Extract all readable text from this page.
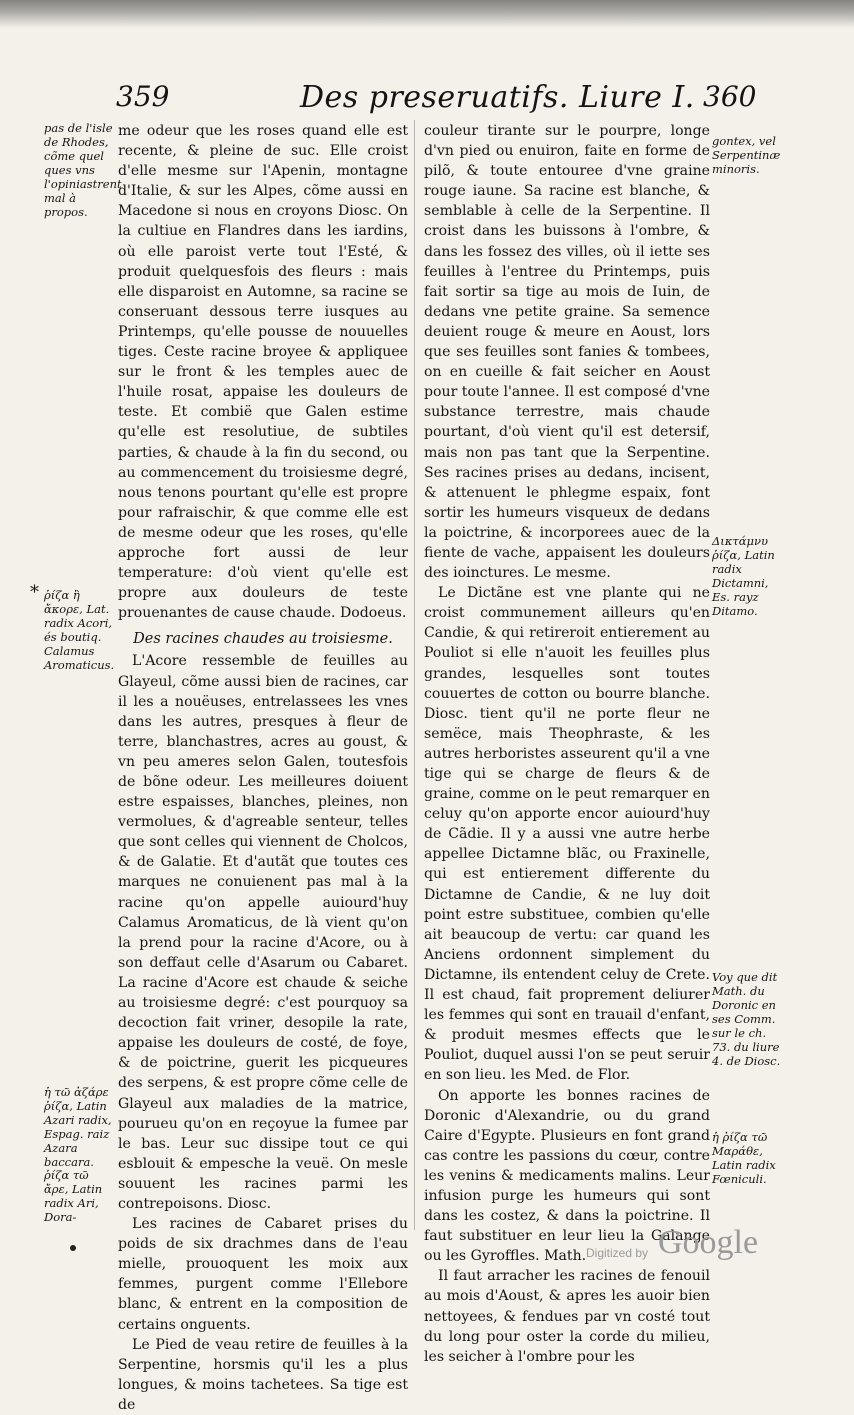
359	Des preseruatifs. Liure I. 360

me odeur que les roses quand elle est recente, & pleine de suc. Elle croist d'elle mesme sur l'Apenin, montagne d'Italie, & sur les Alpes, cõme aussi en Macedone si nous en croyons Diosc. On la cultiue en Flandres dans les iardins, où elle paroist verte tout l'Esté, & produit quelquesfois des fleurs : mais elle disparoist en Automne, sa racine se conseruant dessous terre iusques au Printemps, qu'elle pousse de nouuelles tiges. Ceste racine broyee & appliquee sur le front & les temples auec de l'huile rosat, appaise les douleurs de teste. Et combië que Galen estime qu'elle est resolutiue, de subtiles parties, & chaude à la fin du second, ou au commencement du troisiesme degré, nous tenons pourtant qu'elle est propre pour rafraischir, & que comme elle est de mesme odeur que les roses, qu'elle approche fort aussi de leur temperature: d'où vient qu'elle est propre aux douleurs de teste prouenantes de cause chaude. Dodoeus.

Des racines chaudes au troisiesme.

L'Acore ressemble de feuilles au Glayeul, cõme aussi bien de racines, car il les a nouëuses, entrelassees les vnes dans les autres, presques à fleur de terre, blanchastres, acres au goust, & vn peu ameres selon Galen, toutesfois de bõne odeur. Les meilleures doiuent estre espaisses, blanches, pleines, non vermolues, & d'agreable senteur, telles que sont celles qui viennent de Cholcos, & de Galatie. Et d'autãt que toutes ces marques ne conuienent pas mal à la racine qu'on appelle auiourd'huy Calamus Aromaticus, de là vient qu'on la prend pour la racine d'Acore, ou à son deffaut celle d'Asarum ou Cabaret. La racine d'Acore est chaude & seiche au troisiesme degré: c'est pourquoy sa decoction fait vriner, desopile la rate, appaise les douleurs de costé, de foye, & de poictrine, guerit les picqueures des serpens, & est propre cõme celle de Glayeul aux maladies de la matrice, pourueu qu'on en reçoyue la fumee par le bas. Leur suc dissipe tout ce qui esblouit & empesche la veuë. On mesle souuent les racines parmi les contrepoisons. Diosc.

Les racines de Cabaret prises du poids de six drachmes dans de l'eau mielle, prouoquent les moix aux femmes, purgent comme l'Ellebore blanc, & entrent en la composition de certains onguents.

Le Pied de veau retire de feuilles à la Serpentine, horsmis qu'il les a plus longues, & moins tachetees. Sa tige est de

couleur tirante sur le pourpre, longe d'vn pied ou enuiron, faite en forme de pilõ, & toute entouree d'vne graine rouge iaune. Sa racine est blanche, & semblable à celle de la Serpentine. Il croist dans les buissons à l'ombre, & dans les fossez des villes, où il iette ses feuilles à l'entree du Printemps, puis fait sortir sa tige au mois de Iuin, de dedans vne petite graine. Sa semence deuient rouge & meure en Aoust, lors que ses feuilles sont fanies & tombees, on en cueille & fait seicher en Aoust pour toute l'annee. Il est composé d'vne substance terrestre, mais chaude pourtant, d'où vient qu'il est detersif, mais non pas tant que la Serpentine. Ses racines prises au dedans, incisent, & attenuent le phlegme espaix, font sortir les humeurs visqueux de dedans la poictrine, & incorporees auec de la fiente de vache, appaisent les douleurs des ioinctures. Le mesme.

Le Dictãne est vne plante qui ne croist communement ailleurs qu'en Candie, & qui retireroit entierement au Pouliot si elle n'auoit les feuilles plus grandes, lesquelles sont toutes couuertes de cotton ou bourre blanche. Diosc. tient qu'il ne porte fleur ne semëce, mais Theophraste, & les autres herboristes asseurent qu'il a vne tige qui se charge de fleurs & de graine, comme on le peut remarquer en celuy qu'on apporte encor auiourd'huy de Cãdie. Il y a aussi vne autre herbe appellee Dictamne blãc, ou Fraxinelle, qui est entierement differente du Dictamne de Candie, & ne luy doit point estre substituee, combien qu'elle ait beaucoup de vertu: car quand les Anciens ordonnent simplement du Dictamne, ils entendent celuy de Crete. Il est chaud, fait proprement deliurer les femmes qui sont en trauail d'enfant, & produit mesmes effects que le Pouliot, duquel aussi l'on se peut seruir en son lieu. les Med. de Flor.

On apporte les bonnes racines de Doronic d'Alexandrie, ou du grand Caire d'Egypte. Plusieurs en font grand cas contre les passions du cœur, contre les venins & medicaments malins. Leur infusion purge les humeurs qui sont dans les costez, & dans la poictrine. Il faut substituer en leur lieu la Galange ou les Gyroffles. Math.

Il faut arracher les racines de fenouil au mois d'Aoust, & apres les auoir bien nettoyees, & fendues par vn costé tout du long pour oster la corde du milieu, les seicher à l'ombre pour les

pas de l'isle de Rhodes, cõme quel ques vns l'opiniastrent mal à propos.

* ῥίζα ἢ ἄκορε, Lat. radix Acori, és boutiq. Calamus Aromaticus.

ἡ τῶ ἀζάρε ῥίζα, Latin Azari radix, Espag. raiz Azara baccara.

ῥίζα τῶ ἄρε, Latin radix Ari, Dora-

gontex, vel Serpentinæ minoris.

Δικτάμνυ ῥίζα, Latin radix Dictamni, Es. rayz Ditamo.

Voy que dit Math. du Doronic en ses Comm. sur le ch. 73. du liure 4. de Diosc.

ἡ ῥίζα τῶ Μαράθε, Latin radix Fœniculi.

Digitized by Google
